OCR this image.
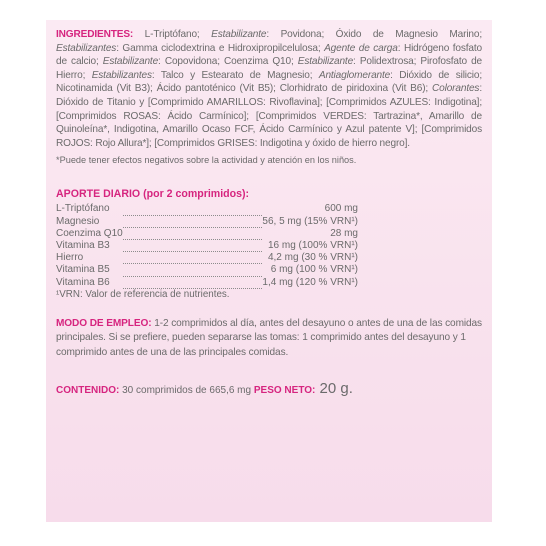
INGREDIENTES: L-Triptófano; Estabilizante: Povidona; Óxido de Magnesio Marino; Estabilizantes: Gamma ciclodextrina e Hidroxipropilcelulosa; Agente de carga: Hidrógeno fosfato de calcio; Estabilizante: Copovidona; Coenzima Q10; Estabilizante: Polidextrosa; Pirofosfato de Hierro; Estabilizantes: Talco y Estearato de Magnesio; Antiaglomerante: Dióxido de silicio; Nicotinamida (Vit B3); Ácido pantoténico (Vit B5); Clorhidrato de piridoxina (Vit B6); Colorantes: Dióxido de Titanio y [Comprimido AMARILLOS: Rivoflavina]; [Comprimidos AZULES: Indigotina]; [Comprimidos ROSAS: Ácido Carmínico]; [Comprimidos VERDES: Tartrazina*, Amarillo de Quinoleína*, Indigotina, Amarillo Ocaso FCF, Ácido Carmínico y Azul patente V]; [Comprimidos ROJOS: Rojo Allura*]; [Comprimidos GRISES: Indigotina y óxido de hierro negro].
*Puede tener efectos negativos sobre la actividad y atención en los niños.
APORTE DIARIO (por 2 comprimidos):
L-Triptófano		600 mg
Magnesio		56, 5 mg (15% VRN¹)
Coenzima Q10		28 mg
Vitamina B3		16 mg (100% VRN¹)
Hierro		4,2 mg (30 % VRN¹)
Vitamina B5		6 mg (100 % VRN¹)
Vitamina B6		1,4 mg (120 % VRN¹)
¹VRN: Valor de referencia de nutrientes.
MODO DE EMPLEO: 1-2 comprimidos al día, antes del desayuno o antes de una de las comidas principales. Si se prefiere, pueden separarse las tomas: 1 comprimido antes del desayuno y 1 comprimido antes de una de las principales comidas.
CONTENIDO: 30 comprimidos de 665,6 mg PESO NETO: 20 g.
